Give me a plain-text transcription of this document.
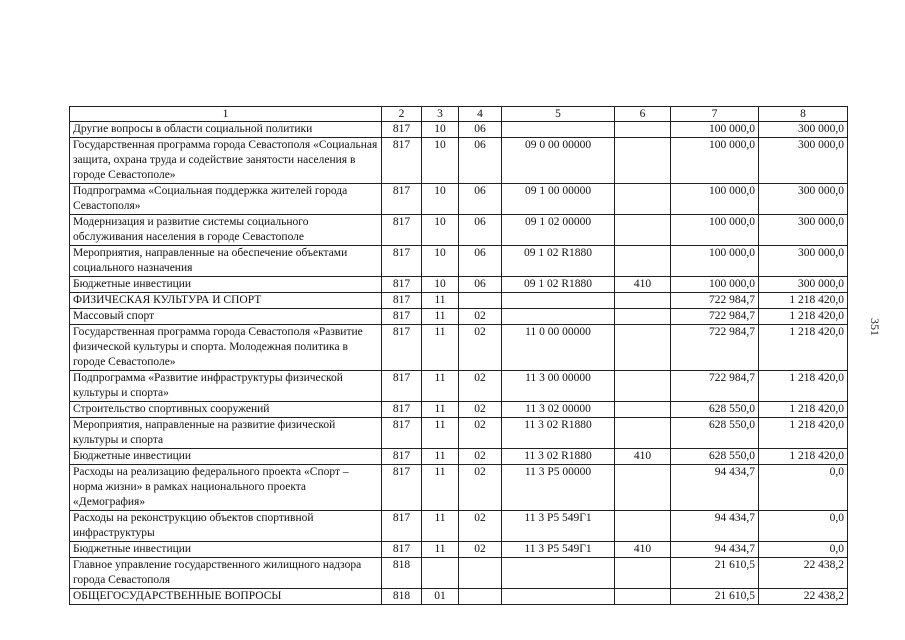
1	2	3	4	5	6	7	8
Другие вопросы в области социальной политики	817	10	06			100 000,0	300 000,0
Государственная программа города Севастополя «Социальная защита, охрана труда и содействие занятости населения в городе Севастополе»	817	10	06	09 0 00 00000		100 000,0	300 000,0
Подпрограмма «Социальная поддержка жителей города Севастополя»	817	10	06	09 1 00 00000		100 000,0	300 000,0
Модернизация и развитие системы социального обслуживания населения в городе Севастополе	817	10	06	09 1 02 00000		100 000,0	300 000,0
Мероприятия, направленные на обеспечение объектами социального назначения	817	10	06	09 1 02 R1880		100 000,0	300 000,0
Бюджетные инвестиции	817	10	06	09 1 02 R1880	410	100 000,0	300 000,0
ФИЗИЧЕСКАЯ КУЛЬТУРА И СПОРТ	817	11				722 984,7	1 218 420,0
Массовый спорт	817	11	02			722 984,7	1 218 420,0
Государственная программа города Севастополя «Развитие физической культуры и спорта. Молодежная политика в городе Севастополе»	817	11	02	11 0 00 00000		722 984,7	1 218 420,0
Подпрограмма «Развитие инфраструктуры физической культуры и спорта»	817	11	02	11 3 00 00000		722 984,7	1 218 420,0
Строительство спортивных сооружений	817	11	02	11 3 02 00000		628 550,0	1 218 420,0
Мероприятия, направленные на развитие физической культуры и спорта	817	11	02	11 3 02 R1880		628 550,0	1 218 420,0
Бюджетные инвестиции	817	11	02	11 3 02 R1880	410	628 550,0	1 218 420,0
Расходы на реализацию федерального проекта «Спорт – норма жизни» в рамках национального проекта «Демография»	817	11	02	11 3 P5 00000		94 434,7	0,0
Расходы на реконструкцию объектов спортивной инфраструктуры	817	11	02	11 3 P5 549Г1		94 434,7	0,0
Бюджетные инвестиции	817	11	02	11 3 P5 549Г1	410	94 434,7	0,0
Главное управление государственного жилищного надзора города Севастополя	818					21 610,5	22 438,2
ОБЩЕГОСУДАРСТВЕННЫЕ ВОПРОСЫ	818	01				21 610,5	22 438,2
351
